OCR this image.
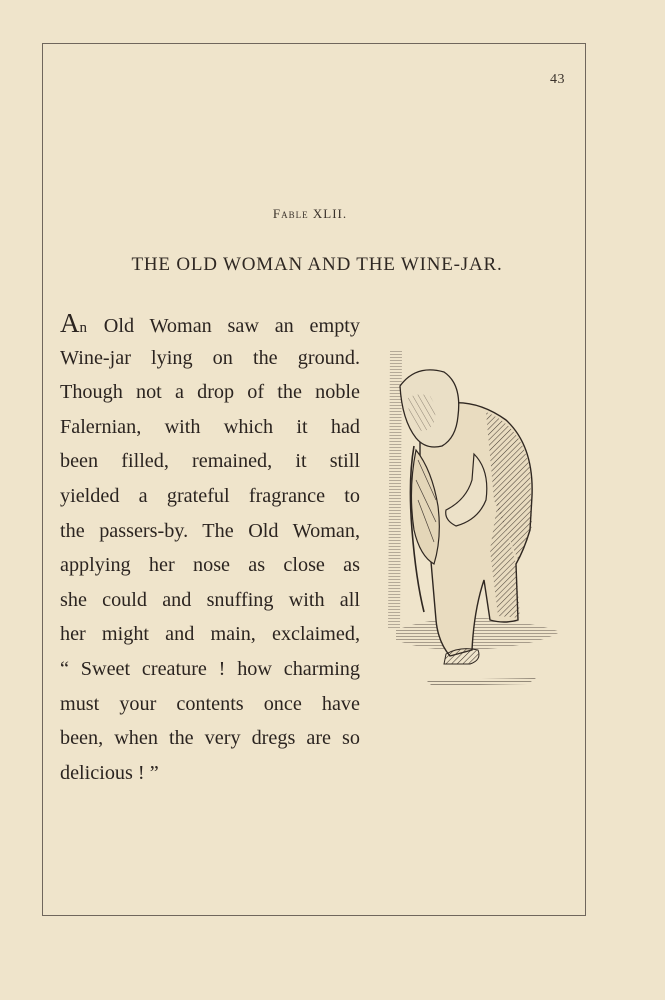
43
Fable XLII.
THE OLD WOMAN AND THE WINE-JAR.
An Old Woman saw an empty
Wine-jar lying on the ground.
Though not a drop of the noble
Falernian, with which it had
been filled, remained, it still
yielded a grateful fragrance to
the passers-by. The Old Woman,
applying her nose as close as
she could and snuffing with all
her might and main, exclaimed,
“ Sweet creature ! how charming
must your contents once have
been, when the very dregs are so
delicious ! ”
